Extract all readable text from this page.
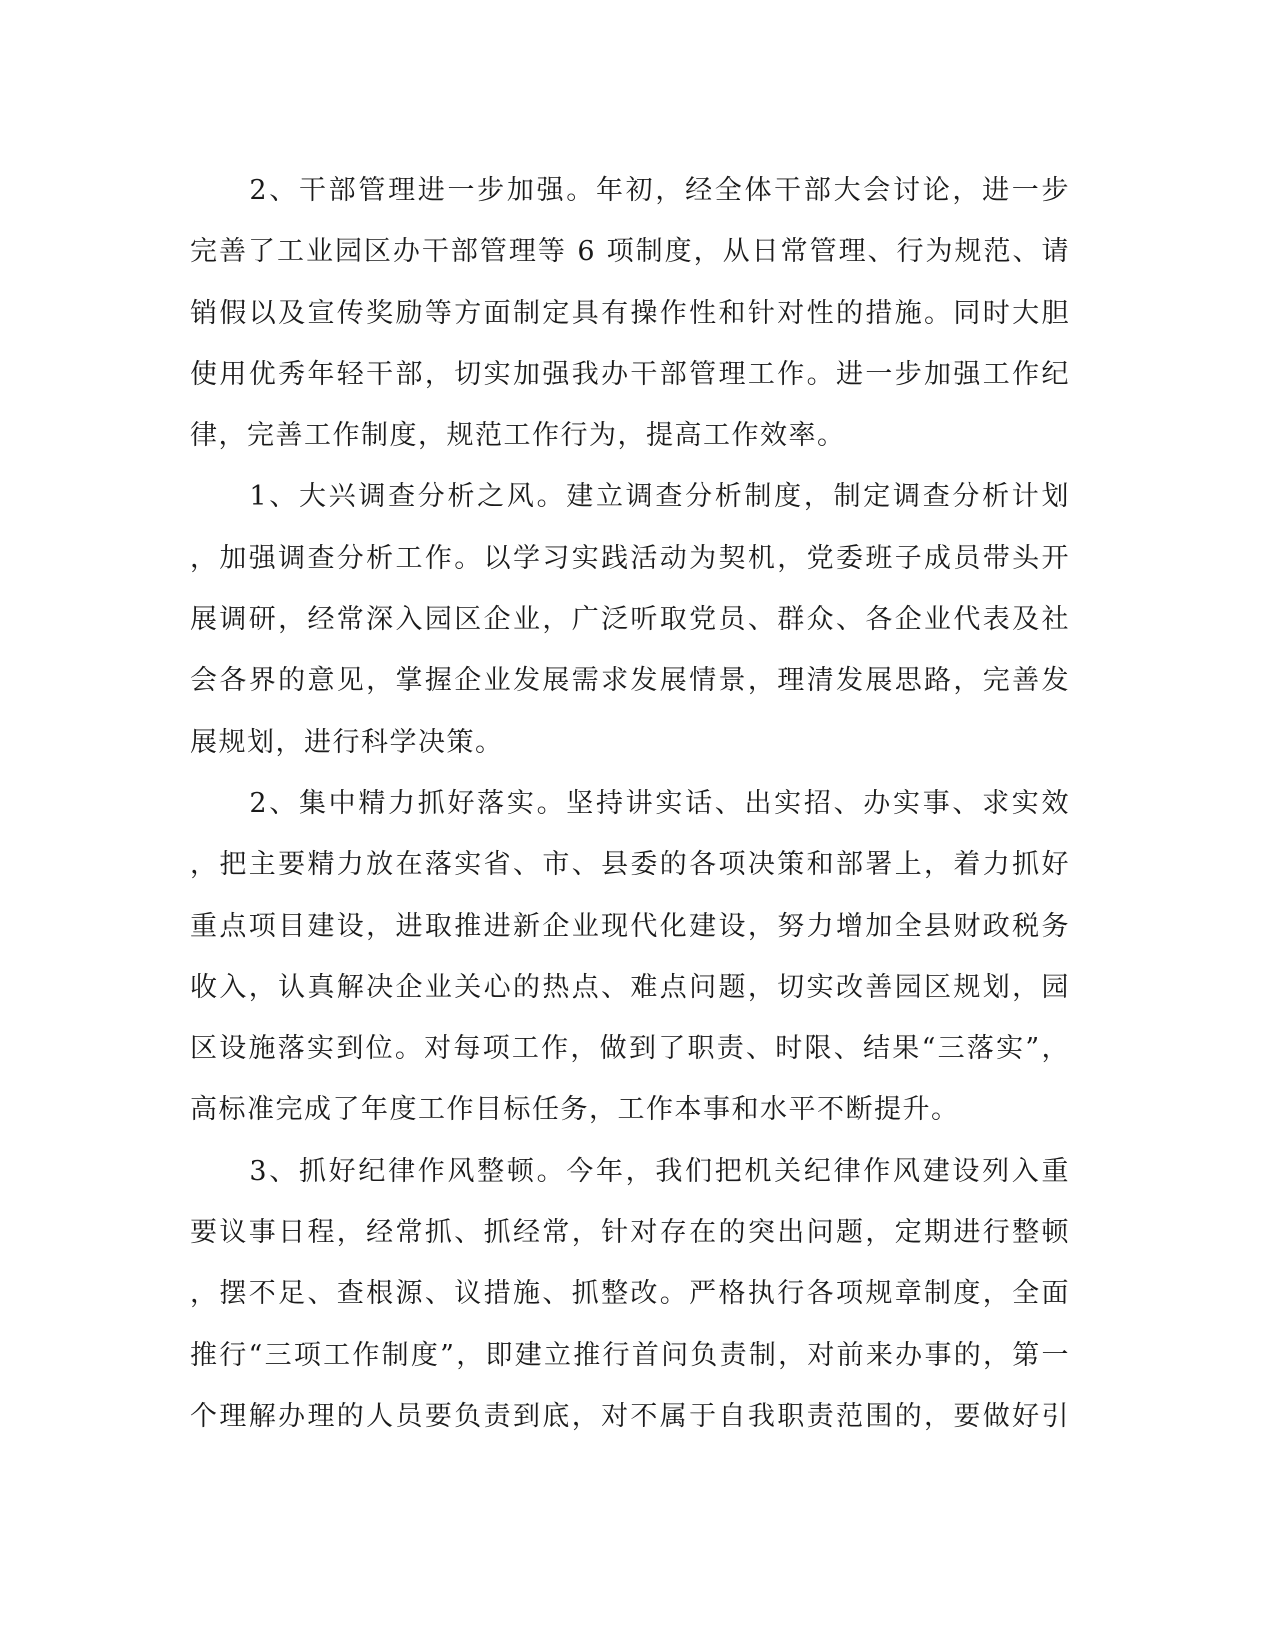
　　2、干部管理进一步加强。年初，经全体干部大会讨论，进一步
完善了工业园区办干部管理等 6 项制度，从日常管理、行为规范、请
销假以及宣传奖励等方面制定具有操作性和针对性的措施。同时大胆
使用优秀年轻干部，切实加强我办干部管理工作。进一步加强工作纪
律，完善工作制度，规范工作行为，提高工作效率。
　　1、大兴调查分析之风。建立调查分析制度，制定调查分析计划
，加强调查分析工作。以学习实践活动为契机，党委班子成员带头开
展调研，经常深入园区企业，广泛听取党员、群众、各企业代表及社
会各界的意见，掌握企业发展需求发展情景，理清发展思路，完善发
展规划，进行科学决策。
　　2、集中精力抓好落实。坚持讲实话、出实招、办实事、求实效
，把主要精力放在落实省、市、县委的各项决策和部署上，着力抓好
重点项目建设，进取推进新企业现代化建设，努力增加全县财政税务
收入，认真解决企业关心的热点、难点问题，切实改善园区规划，园
区设施落实到位。对每项工作，做到了职责、时限、结果“三落实”，
高标准完成了年度工作目标任务，工作本事和水平不断提升。
　　3、抓好纪律作风整顿。今年，我们把机关纪律作风建设列入重
要议事日程，经常抓、抓经常，针对存在的突出问题，定期进行整顿
，摆不足、查根源、议措施、抓整改。严格执行各项规章制度，全面
推行“三项工作制度”，即建立推行首问负责制，对前来办事的，第一
个理解办理的人员要负责到底，对不属于自我职责范围的，要做好引
